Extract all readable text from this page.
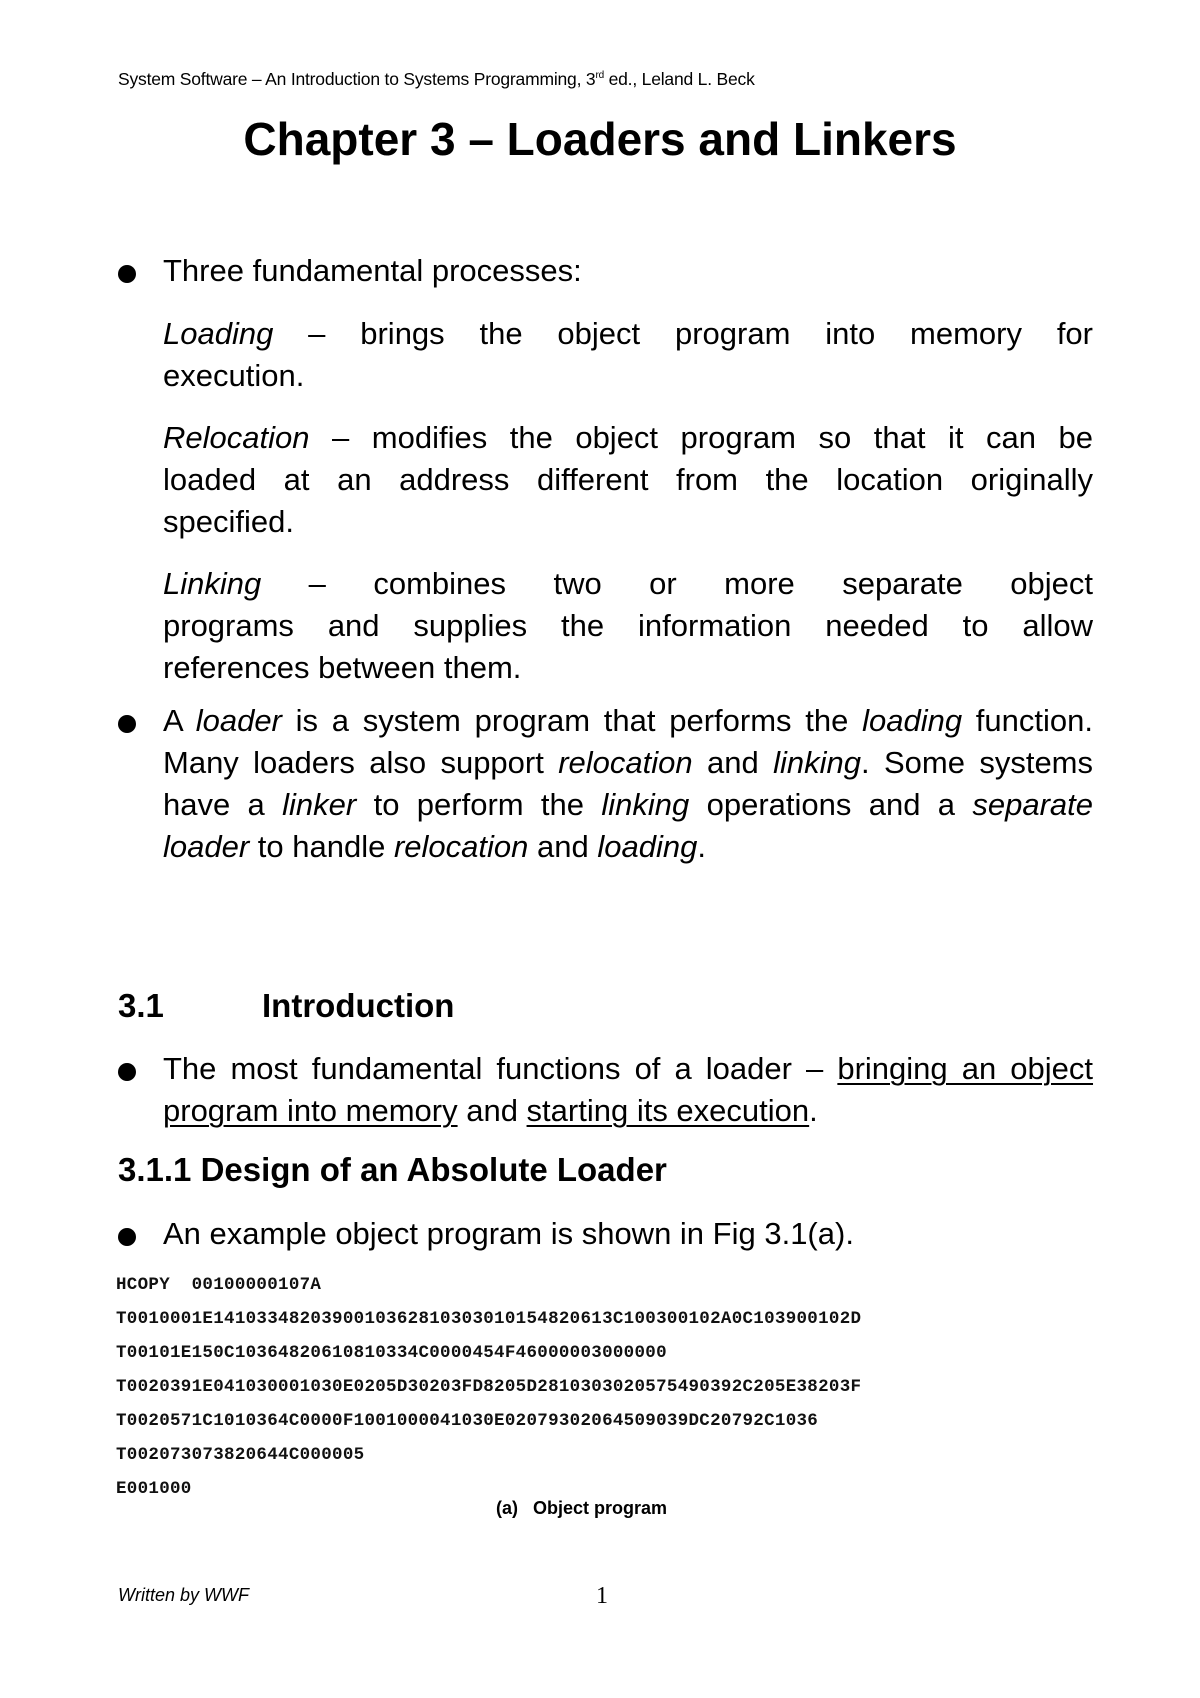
System Software – An Introduction to Systems Programming, 3rd ed., Leland L. Beck
Chapter 3 – Loaders and Linkers

Three fundamental processes:

Loading – brings the object program into memory for
execution.
Relocation – modifies the object program so that it can be
loaded at an address different from the location originally
specified.
Linking – combines two or more separate object
programs and supplies the information needed to allow
references between them.

A loader is a system program that performs the loading function. Many loaders also support relocation and linking. Some systems have a linker to perform the linking operations and a separate loader to handle relocation and loading.

3.1	Introduction

The most fundamental functions of a loader – bringing an object program into memory and starting its execution.

3.1.1 Design of an Absolute Loader

An example object program is shown in Fig 3.1(a).

HCOPY  00100000107A
T0010001E1410334820390010362810303010154820613C100300102A0C103900102D
T00101E150C10364820610810334C0000454F46000003000000
T0020391E041030001030E0205D30203FD8205D2810303020575490392C205E38203F
T0020571C1010364C0000F1001000041030E02079302064509039DC20792C1036
T002073073820644C000005
E001000
(a)   Object program
Written by WWF	1
